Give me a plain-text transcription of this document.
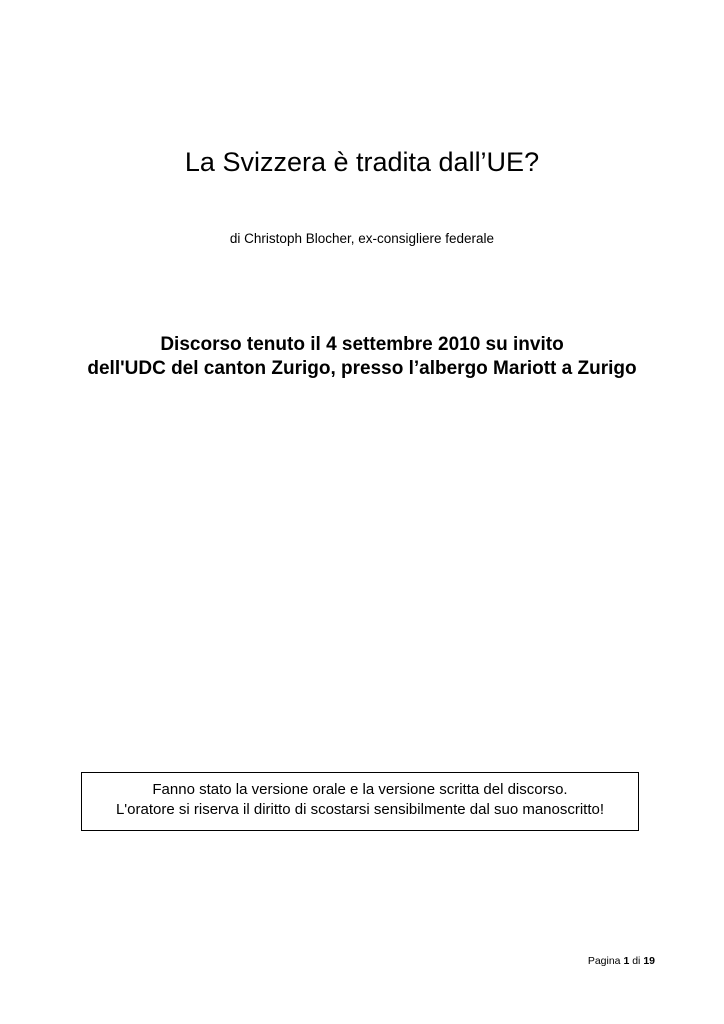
La Svizzera è tradita dall’UE?
di Christoph Blocher, ex-consigliere federale
Discorso tenuto il 4 settembre 2010 su invito
dell'UDC del canton Zurigo, presso l’albergo Mariott a Zurigo
Fanno stato la versione orale e la versione scritta del discorso.
L'oratore si riserva il diritto di scostarsi sensibilmente dal suo manoscritto!
Pagina 1 di 19
